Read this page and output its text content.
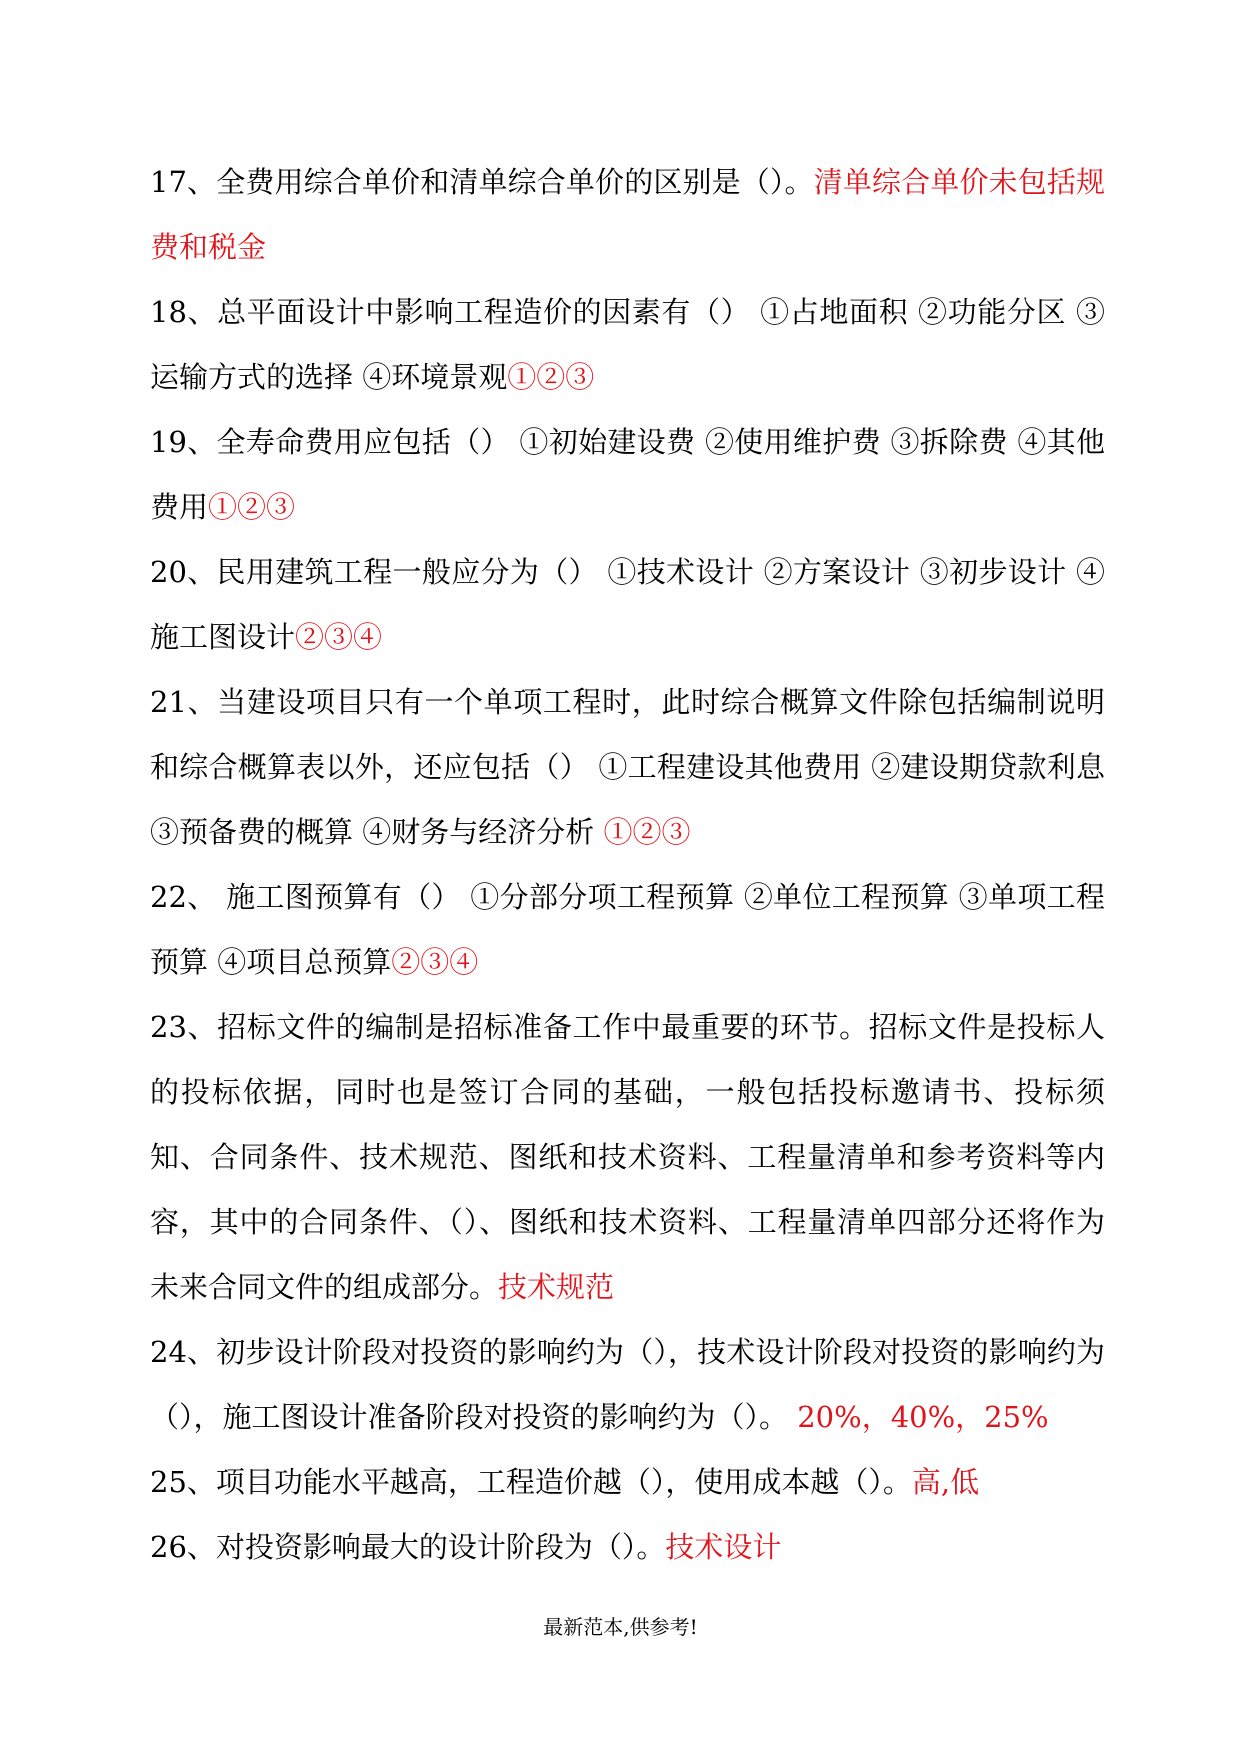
17、全费用综合单价和清单综合单价的区别是（）。清单综合单价未包括规费和税金

18、总平面设计中影响工程造价的因素有（） ①占地面积 ②功能分区 ③运输方式的选择 ④环境景观①②③

19、全寿命费用应包括（） ①初始建设费 ②使用维护费 ③拆除费 ④其他费用①②③

20、民用建筑工程一般应分为（） ①技术设计 ②方案设计 ③初步设计 ④施工图设计②③④

21、当建设项目只有一个单项工程时，此时综合概算文件除包括编制说明和综合概算表以外，还应包括（） ①工程建设其他费用 ②建设期贷款利息 ③预备费的概算 ④财务与经济分析 ①②③

22、 施工图预算有（） ①分部分项工程预算 ②单位工程预算 ③单项工程预算 ④项目总预算②③④

23、招标文件的编制是招标准备工作中最重要的环节。招标文件是投标人的投标依据，同时也是签订合同的基础，一般包括投标邀请书、投标须知、合同条件、技术规范、图纸和技术资料、工程量清单和参考资料等内容，其中的合同条件、（）、图纸和技术资料、工程量清单四部分还将作为未来合同文件的组成部分。技术规范

24、初步设计阶段对投资的影响约为（），技术设计阶段对投资的影响约为（），施工图设计准备阶段对投资的影响约为（）。 20%，40%，25%

25、项目功能水平越高，工程造价越（），使用成本越（）。高,低

26、对投资影响最大的设计阶段为（）。技术设计

最新范本,供参考!
